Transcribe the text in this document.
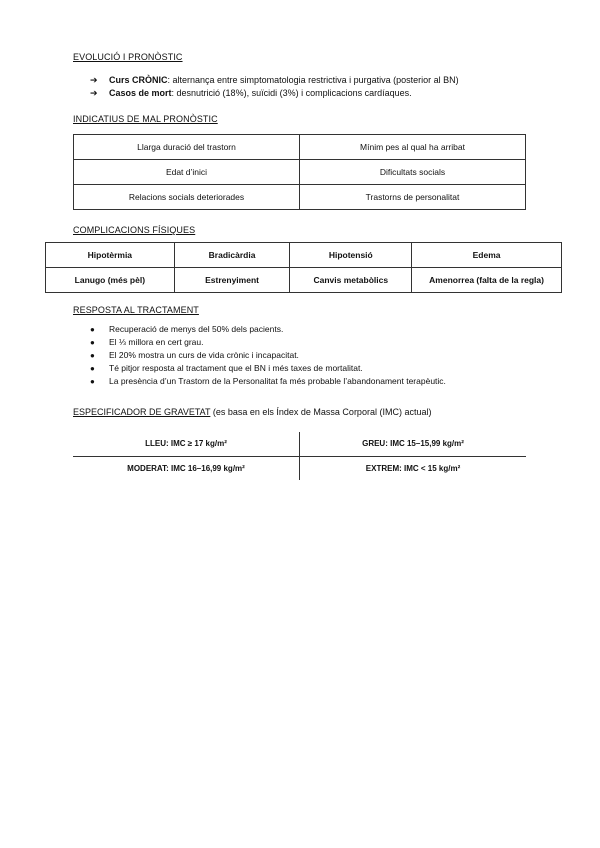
EVOLUCIÓ I PRONÒSTIC
➔ Curs CRÒNIC: alternança entre simptomatologia restrictiva i purgativa (posterior al BN)
➔ Casos de mort: desnutrició (18%), suïcidi (3%) i complicacions cardíaques.
INDICATIUS DE MAL PRONÒSTIC
Llarga duració del trastorn	Mínim pes al qual ha arribat
Edat d’inici	Dificultats socials
Relacions socials deteriorades	Trastorns de personalitat
COMPLICACIONS FÍSIQUES
Hipotèrmia	Bradicàrdia	Hipotensió	Edema
Lanugo (més pèl)	Estrenyiment	Canvis metabòlics	Amenorrea (falta de la regla)
RESPOSTA AL TRACTAMENT
● Recuperació de menys del 50% dels pacients.
● El ⅓ millora en cert grau.
● El 20% mostra un curs de vida crònic i incapacitat.
● Té pitjor resposta al tractament que el BN i més taxes de mortalitat.
● La presència d’un Trastorn de la Personalitat fa més probable l’abandonament terapèutic.
ESPECIFICADOR DE GRAVETAT (es basa en els Índex de Massa Corporal (IMC) actual)
LLEU: IMC ≥ 17 kg/m²	GREU: IMC 15–15,99 kg/m²
MODERAT: IMC 16–16,99 kg/m²	EXTREM: IMC < 15 kg/m²
